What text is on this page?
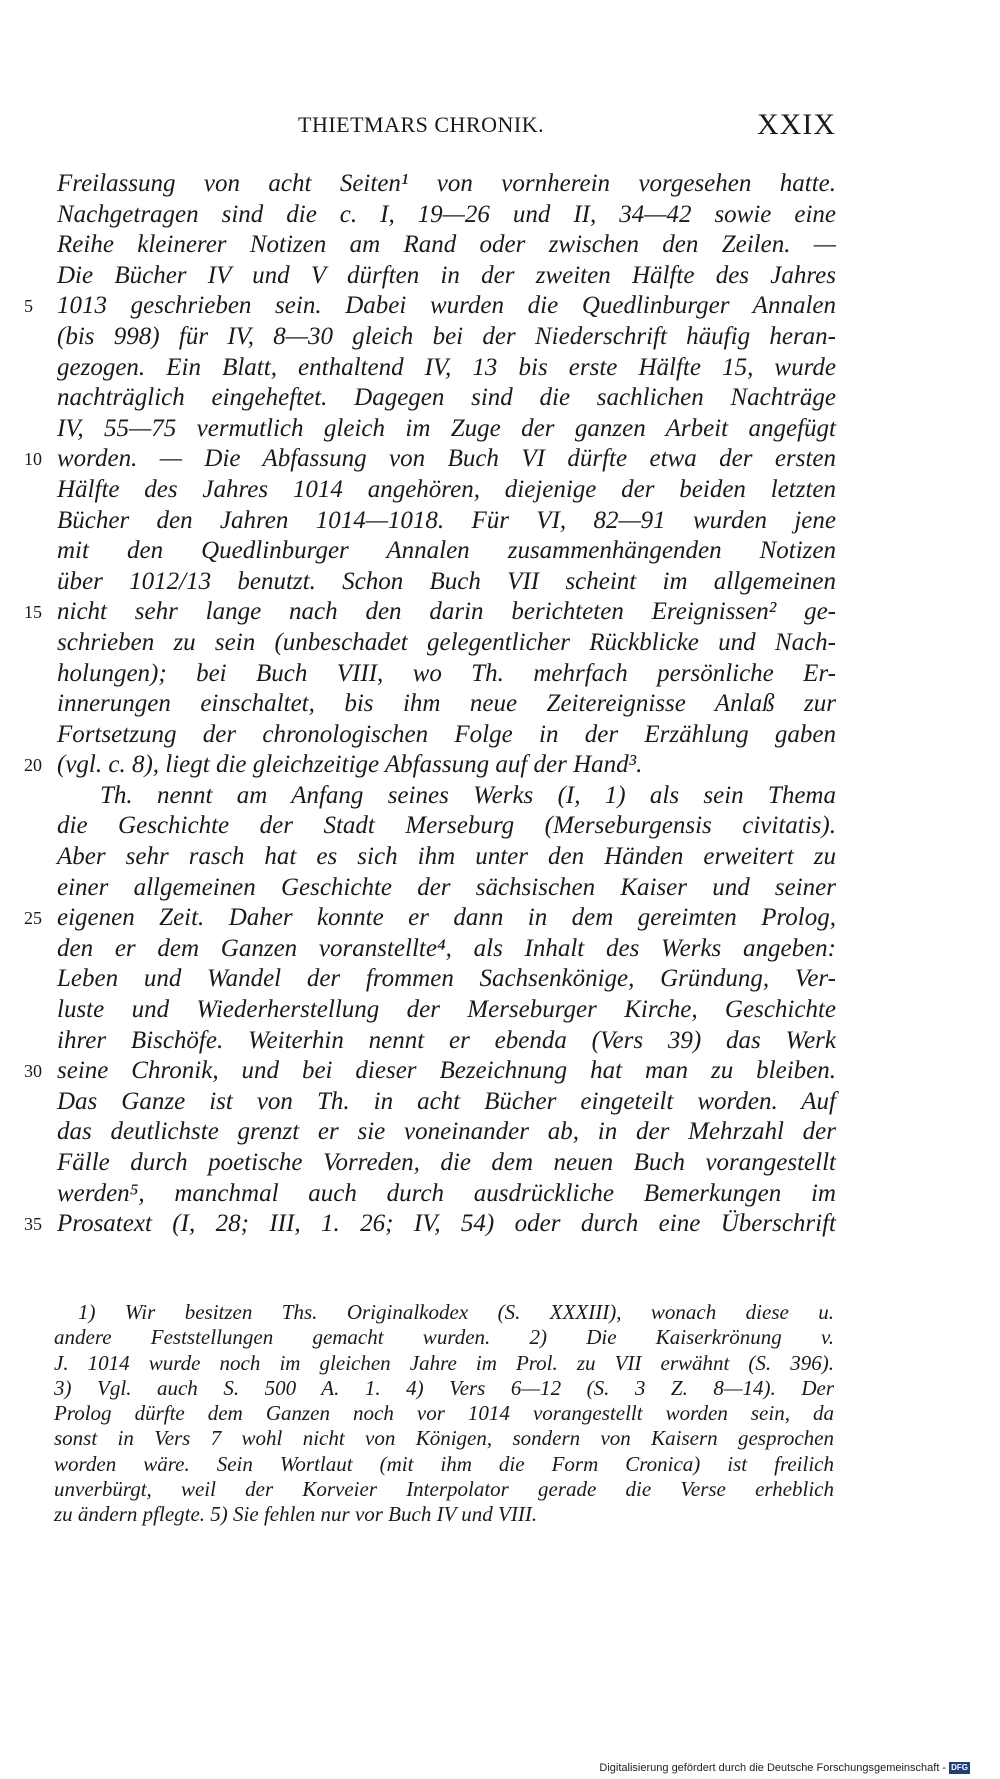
THIETMARS CHRONIK.	XXIX
Freilassung von acht Seiten¹ von vornherein vorgesehen hatte.
Nachgetragen sind die c. I, 19—26 und II, 34—42 sowie eine
Reihe kleinerer Notizen am Rand oder zwischen den Zeilen. —
Die Bücher IV und V dürften in der zweiten Hälfte des Jahres
5 1013 geschrieben sein. Dabei wurden die Quedlinburger Annalen
(bis 998) für IV, 8—30 gleich bei der Niederschrift häufig heran-
gezogen. Ein Blatt, enthaltend IV, 13 bis erste Hälfte 15, wurde
nachträglich eingeheftet. Dagegen sind die sachlichen Nachträge
IV, 55—75 vermutlich gleich im Zuge der ganzen Arbeit angefügt
10 worden. — Die Abfassung von Buch VI dürfte etwa der ersten
Hälfte des Jahres 1014 angehören, diejenige der beiden letzten
Bücher den Jahren 1014—1018. Für VI, 82—91 wurden jene
mit den Quedlinburger Annalen zusammenhängenden Notizen
über 1012/13 benutzt. Schon Buch VII scheint im allgemeinen
15 nicht sehr lange nach den darin berichteten Ereignissen² ge-
schrieben zu sein (unbeschadet gelegentlicher Rückblicke und Nach-
holungen); bei Buch VIII, wo Th. mehrfach persönliche Er-
innerungen einschaltet, bis ihm neue Zeitereignisse Anlaß zur
Fortsetzung der chronologischen Folge in der Erzählung gaben
20 (vgl. c. 8), liegt die gleichzeitige Abfassung auf der Hand³.
Th. nennt am Anfang seines Werks (I, 1) als sein Thema
die Geschichte der Stadt Merseburg (Merseburgensis civitatis).
Aber sehr rasch hat es sich ihm unter den Händen erweitert zu
einer allgemeinen Geschichte der sächsischen Kaiser und seiner
25 eigenen Zeit. Daher konnte er dann in dem gereimten Prolog,
den er dem Ganzen voranstellte⁴, als Inhalt des Werks angeben:
Leben und Wandel der frommen Sachsenkönige, Gründung, Ver-
luste und Wiederherstellung der Merseburger Kirche, Geschichte
ihrer Bischöfe. Weiterhin nennt er ebenda (Vers 39) das Werk
30 seine Chronik, und bei dieser Bezeichnung hat man zu bleiben.
Das Ganze ist von Th. in acht Bücher eingeteilt worden. Auf
das deutlichste grenzt er sie voneinander ab, in der Mehrzahl der
Fälle durch poetische Vorreden, die dem neuen Buch vorangestellt
werden⁵, manchmal auch durch ausdrückliche Bemerkungen im
35 Prosatext (I, 28; III, 1. 26; IV, 54) oder durch eine Überschrift
1) Wir besitzen Ths. Originalkodex (S. XXXIII), wonach diese u.
andere Feststellungen gemacht wurden. 2) Die Kaiserkrönung v.
J. 1014 wurde noch im gleichen Jahre im Prol. zu VII erwähnt (S. 396).
3) Vgl. auch S. 500 A. 1. 4) Vers 6—12 (S. 3 Z. 8—14). Der
Prolog dürfte dem Ganzen noch vor 1014 vorangestellt worden sein, da
sonst in Vers 7 wohl nicht von Königen, sondern von Kaisern gesprochen
worden wäre. Sein Wortlaut (mit ihm die Form Cronica) ist freilich
unverbürgt, weil der Korveier Interpolator gerade die Verse erheblich
zu ändern pflegte. 5) Sie fehlen nur vor Buch IV und VIII.
Digitalisierung gefördert durch die Deutsche Forschungsgemeinschaft - DFG
